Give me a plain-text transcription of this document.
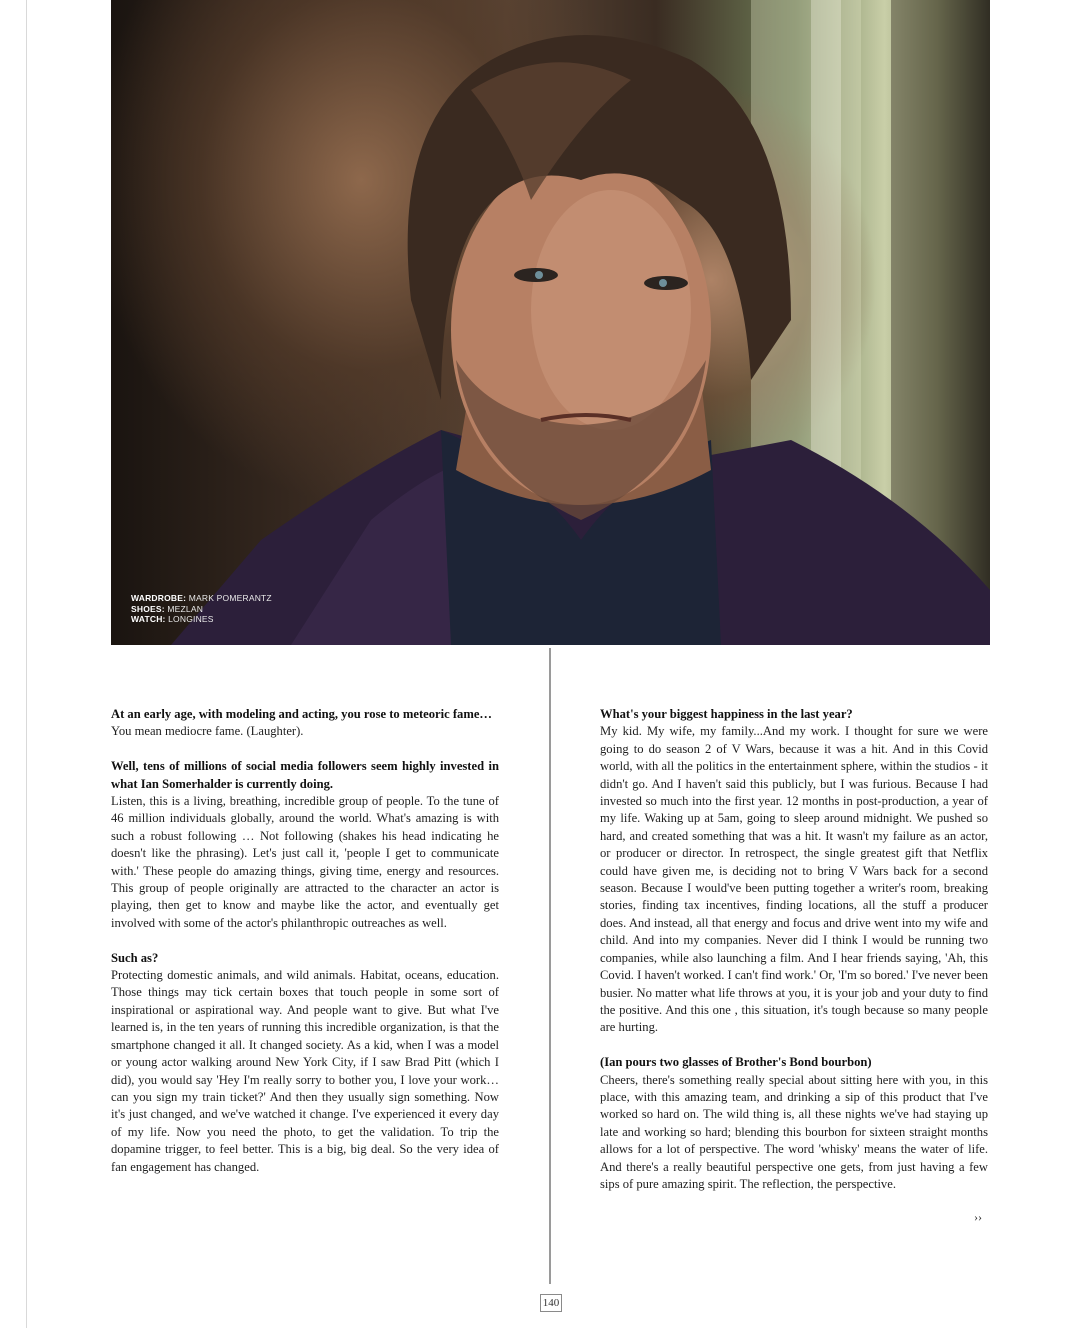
WARDROBE: MARK POMERANTZ
SHOES: MEZLAN
WATCH: LONGINES

At an early age, with modeling and acting, you rose to meteoric fame…

You mean mediocre fame. (Laughter).

Well, tens of millions of social media followers seem highly invested in what Ian Somerhalder is currently doing.

Listen, this is a living, breathing, incredible group of people. To the tune of 46 million individuals globally, around the world. What's amazing is with such a robust following … Not following (shakes his head indicating he doesn't like the phrasing). Let's just call it, 'people I get to communicate with.' These people do amazing things, giving time, energy and resources. This group of people originally are attracted to the character an actor is playing, then get to know and maybe like the actor, and eventually get involved with some of the actor's philanthropic outreaches as well.

Such as?

Protecting domestic animals, and wild animals. Habitat, oceans, education. Those things may tick certain boxes that touch people in some sort of inspirational or aspirational way. And people want to give. But what I've learned is, in the ten years of running this incredible organization, is that the smartphone changed it all. It changed society. As a kid, when I was a model or young actor walking around New York City, if I saw Brad Pitt (which I did), you would say 'Hey I'm really sorry to bother you, I love your work… can you sign my train ticket?' And then they usually sign something. Now it's just changed, and we've watched it change. I've experienced it every day of my life. Now you need the photo, to get the validation. To trip the dopamine trigger, to feel better. This is a big, big deal. So the very idea of fan engagement has changed.

What's your biggest happiness in the last year?

My kid. My wife, my family...And my work. I thought for sure we were going to do season 2 of V Wars, because it was a hit. And in this Covid world, with all the politics in the entertainment sphere, within the studios - it didn't go. And I haven't said this publicly, but I was furious. Because I had invested so much into the first year. 12 months in post-production, a year of my life. Waking up at 5am, going to sleep around midnight. We pushed so hard, and created something that was a hit. It wasn't my failure as an actor, or producer or director. In retrospect, the single greatest gift that Netflix could have given me, is deciding not to bring V Wars back for a second season. Because I would've been putting together a writer's room, breaking stories, finding tax incentives, finding locations, all the stuff a producer does. And instead, all that energy and focus and drive went into my wife and child. And into my companies. Never did I think I would be running two companies, while also launching a film. And I hear friends saying, 'Ah, this Covid. I haven't worked. I can't find work.' Or, 'I'm so bored.' I've never been busier. No matter what life throws at you, it is your job and your duty to find the positive. And this one , this situation, it's tough because so many people are hurting.

(Ian pours two glasses of Brother's Bond bourbon)

Cheers, there's something really special about sitting here with you, in this place, with this amazing team, and drinking a sip of this product that I've worked so hard on. The wild thing is, all these nights we've had staying up late and working so hard; blending this bourbon for sixteen straight months allows for a lot of perspective. The word 'whisky' means the water of life. And there's a really beautiful perspective one gets, from just having a few sips of pure amazing spirit. The reflection, the perspective.

››
140
